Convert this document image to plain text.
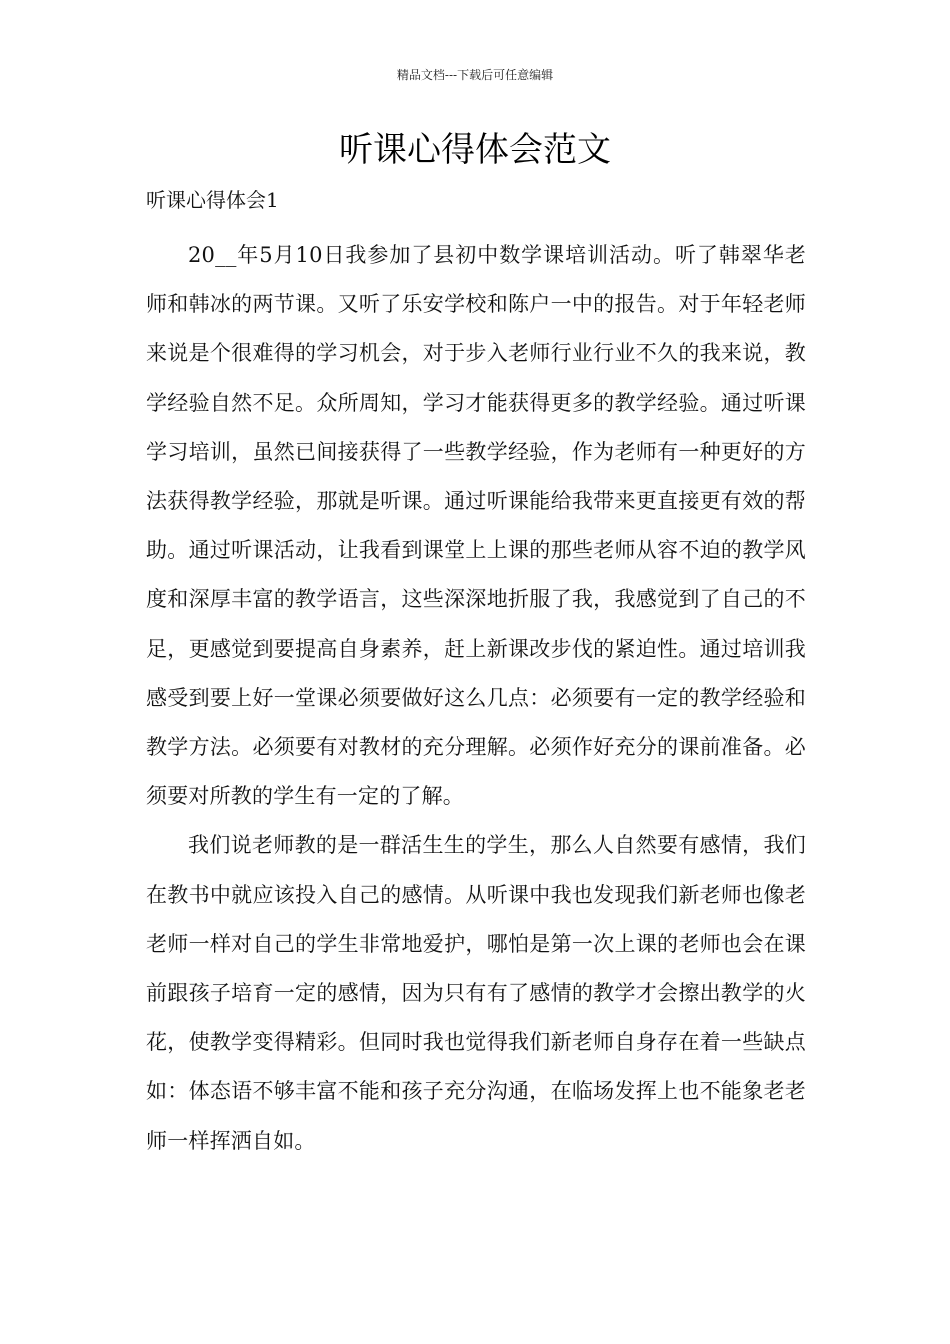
精品文档---下载后可任意编辑
听课心得体会范文
听课心得体会1

20__年5月10日我参加了县初中数学课培训活动。听了韩翠华老师和韩冰的两节课。又听了乐安学校和陈户一中的报告。对于年轻老师来说是个很难得的学习机会，对于步入老师行业行业不久的我来说，教学经验自然不足。众所周知，学习才能获得更多的教学经验。通过听课学习培训，虽然已间接获得了一些教学经验，作为老师有一种更好的方法获得教学经验，那就是听课。通过听课能给我带来更直接更有效的帮助。通过听课活动，让我看到课堂上上课的那些老师从容不迫的教学风度和深厚丰富的教学语言，这些深深地折服了我，我感觉到了自己的不足，更感觉到要提高自身素养，赶上新课改步伐的紧迫性。通过培训我感受到要上好一堂课必须要做好这么几点：必须要有一定的教学经验和教学方法。必须要有对教材的充分理解。必须作好充分的课前准备。必须要对所教的学生有一定的了解。

我们说老师教的是一群活生生的学生，那么人自然要有感情，我们在教书中就应该投入自己的感情。从听课中我也发现我们新老师也像老老师一样对自己的学生非常地爱护，哪怕是第一次上课的老师也会在课前跟孩子培育一定的感情，因为只有有了感情的教学才会擦出教学的火花，使教学变得精彩。但同时我也觉得我们新老师自身存在着一些缺点如：体态语不够丰富不能和孩子充分沟通，在临场发挥上也不能象老老师一样挥洒自如。
